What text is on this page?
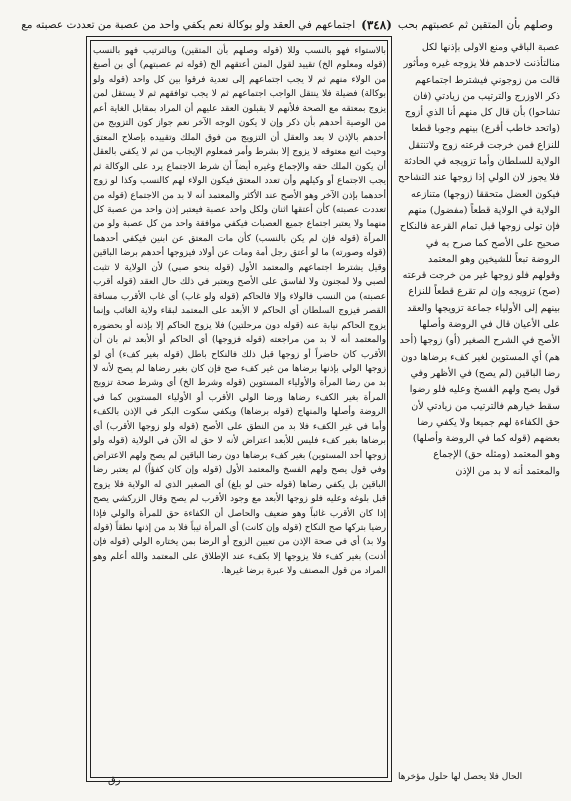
وصلهم بأن المتقين ثم عصبتهم بحب
(٣٤٨)
اجتماعهم في العقد ولو بوكالة نعم يكفي واحد من عصبة من تعددت عصبته مع

بالاستواء فهو بالنسب وللا (قوله وصلهم بأن المتقين) وبالترتيب فهو بالنسب (قوله ومعلوم الخ) تقييد لقول المتن أعتقهم الخ (قوله ثم عصبتهم) أي بن أصبغ من الولاء منهم ثم لا يجب اجتماعهم إلى تعدية فرقوا بين كل واحد (قوله ولو بوكالة) فضيلة فلا ينتقل الواجب اجتماعهم ثم لا يجب توافقهم ثم لا يستقل لمن يزوج بمعتقه مع الصحة فلأنهم لا يقبلون العقد عليهم أن المراد بمقابل الغاية أعم من الوصية أحدهم بأن ذكر وإن لا يكون الوجه الآخر نعم جواز كون التزويج من أحدهم بالإذن لا بعد والعقل أن التزويج من فوق الملك وتقييده بإصلاح المعتق وحيث اتبع معتوقه لا يزوج إلا بشرط وأمر فمعلوم الإيجاب من ثم لا يكفي بالعقل أن يكون الملك حقه والإجماع وغيره أيضاً أن شرط الاجتماع يرد على الوكالة ثم يجب الاجتماع أو وكيلهم وأن تعدد المعتق فيكون الولاء لهم كالنسب وكذا لو زوج أحدهما بإذن الآخر وهو الأصح عند الأكثر والمعتمد أنه لا بد من الاجتماع (قوله من تعددت عصبته) كأن أعتقها اثنان ولكل واحد عصبة فيعتبر إذن واحد من عصبة كل منهما ولا يعتبر اجتماع جميع العصبات فيكفي موافقة واحد من كل عصبة ولو من المرأة (قوله فإن لم يكن بالنسب) كأن مات المعتق عن ابنين فيكفي أحدهما (قوله وصورته) ما لو أعتق رجل أمة ومات عن أولاد فيزوجها أحدهم برضا الباقين وقيل يشترط اجتماعهم والمعتمد الأول (قوله بنحو صبي) لأن الولاية لا تثبت لصبي ولا لمجنون ولا لفاسق على الأصح ويعتبر في ذلك حال العقد (قوله أقرب عصبته) من النسب فالولاء وإلا فالحاكم (قوله ولو غاب) أي غاب الأقرب مسافة القصر فيزوج السلطان أي الحاكم لا الأبعد على المعتمد لبقاء ولاية الغائب وإنما يزوج الحاكم نيابة عنه (قوله دون مرحلتين) فلا يزوج الحاكم إلا بإذنه أو بحضوره والمعتمد أنه لا بد من مراجعته (قوله فزوجها) أي الحاكم أو الأبعد ثم بان أن الأقرب كان حاضراً أو زوجها قبل ذلك فالنكاح باطل (قوله بغير كفء) أي لو زوجها الولي بإذنها برضاها من غير كفء صح فإن كان بغير رضاها لم يصح لأنه لا بد من رضا المرأة والأولياء المستوين (قوله وشرط الخ) أي وشرط صحة تزويج المرأة بغير الكفء رضاها ورضا الولي الأقرب أو الأولياء المستوين كما في الروضة وأصلها والمنهاج (قوله برضاها) ويكفي سكوت البكر في الإذن بالكفء وأما في غير الكفء فلا بد من النطق على الأصح (قوله ولو زوجها الأقرب) أي برضاها بغير كفء فليس للأبعد اعتراض لأنه لا حق له الآن في الولاية (قوله ولو زوجها أحد المستوين) بغير كفء برضاها دون رضا الباقين لم يصح ولهم الاعتراض وفي قول يصح ولهم الفسخ والمعتمد الأول (قوله وإن كان كفؤاً) لم يعتبر رضا الباقين بل يكفي رضاها (قوله حتى لو بلغ) أي الصغير الذي له الولاية فلا يزوج قبل بلوغه وعليه فلو زوجها الأبعد مع وجود الأقرب لم يصح وقال الزركشي يصح إذا كان الأقرب غائباً وهو ضعيف والحاصل أن الكفاءة حق للمرأة والولي فإذا رضيا بتركها صح النكاح (قوله وإن كانت) أي المرأة ثيباً فلا بد من إذنها نطقاً (قوله ولا بد) أي في صحة الإذن من تعيين الزوج أو الرضا بمن يختاره الولي (قوله فإن أذنت) بغير كفء فلا يزوجها إلا بكفء عند الإطلاق على المعتمد والله أعلم وهو المراد من قول المصنف ولا عبرة برضا غيرها.

عصبة الباقي ومنع الاولى بإذنها لكل منالتأذنت لاحدهم فلا يزوجه غيره ومأثور قالت من زوجوني فيشترط اجتماعهم ذكر الاوزرج والترتيب من زيادتي (فان تشاحوا) بأن قال كل منهم أنا الذي أزوج (واتحد خاطب أقرع) بينهم وجوبا قطعا للنزاع فمن خرجت قرعته زوج ولاتنتقل الولاية للسلطان وأما تزويجه في الحادثة فلا يجوز لان الولي إذا زوجها عند التشاحح فيكون العضل متحققا (زوجها) متنازعه الولاية في الولاية قطعاً (مفضول) منهم فإن تولى زوجها قبل تمام القرعة فالنكاح صحيح على الأصح كما صرح به في الروضة تبعاً للشيخين وهو المعتمد وقولهم فلو زوجها غير من خرجت قرعته (صح) تزويجه وإن لم تقرع قطعاً للنزاع بينهم إلى الأولياء جماعة تزويجها والعقد على الأعيان قال في الروضة وأصلها الأصح في الشرح الصغير (أو) زوجها (أحد هم) أي المستوين لغير كفء برضاها دون رضا الباقين (لم يصح) في الأظهر وفي قول يصح ولهم الفسخ وعليه فلو رضوا سقط خيارهم فالترتيب من زيادتي لأن حق الكفاءة لهم جميعا ولا يكفي رضا بعضهم (قوله كما في الروضة وأصلها) وهو المعتمد (ومثله حق) الإجماع والمعتمد أنه لا بد من الإذن

الحال فلا يحصل لها حلول مؤخرها
رق
